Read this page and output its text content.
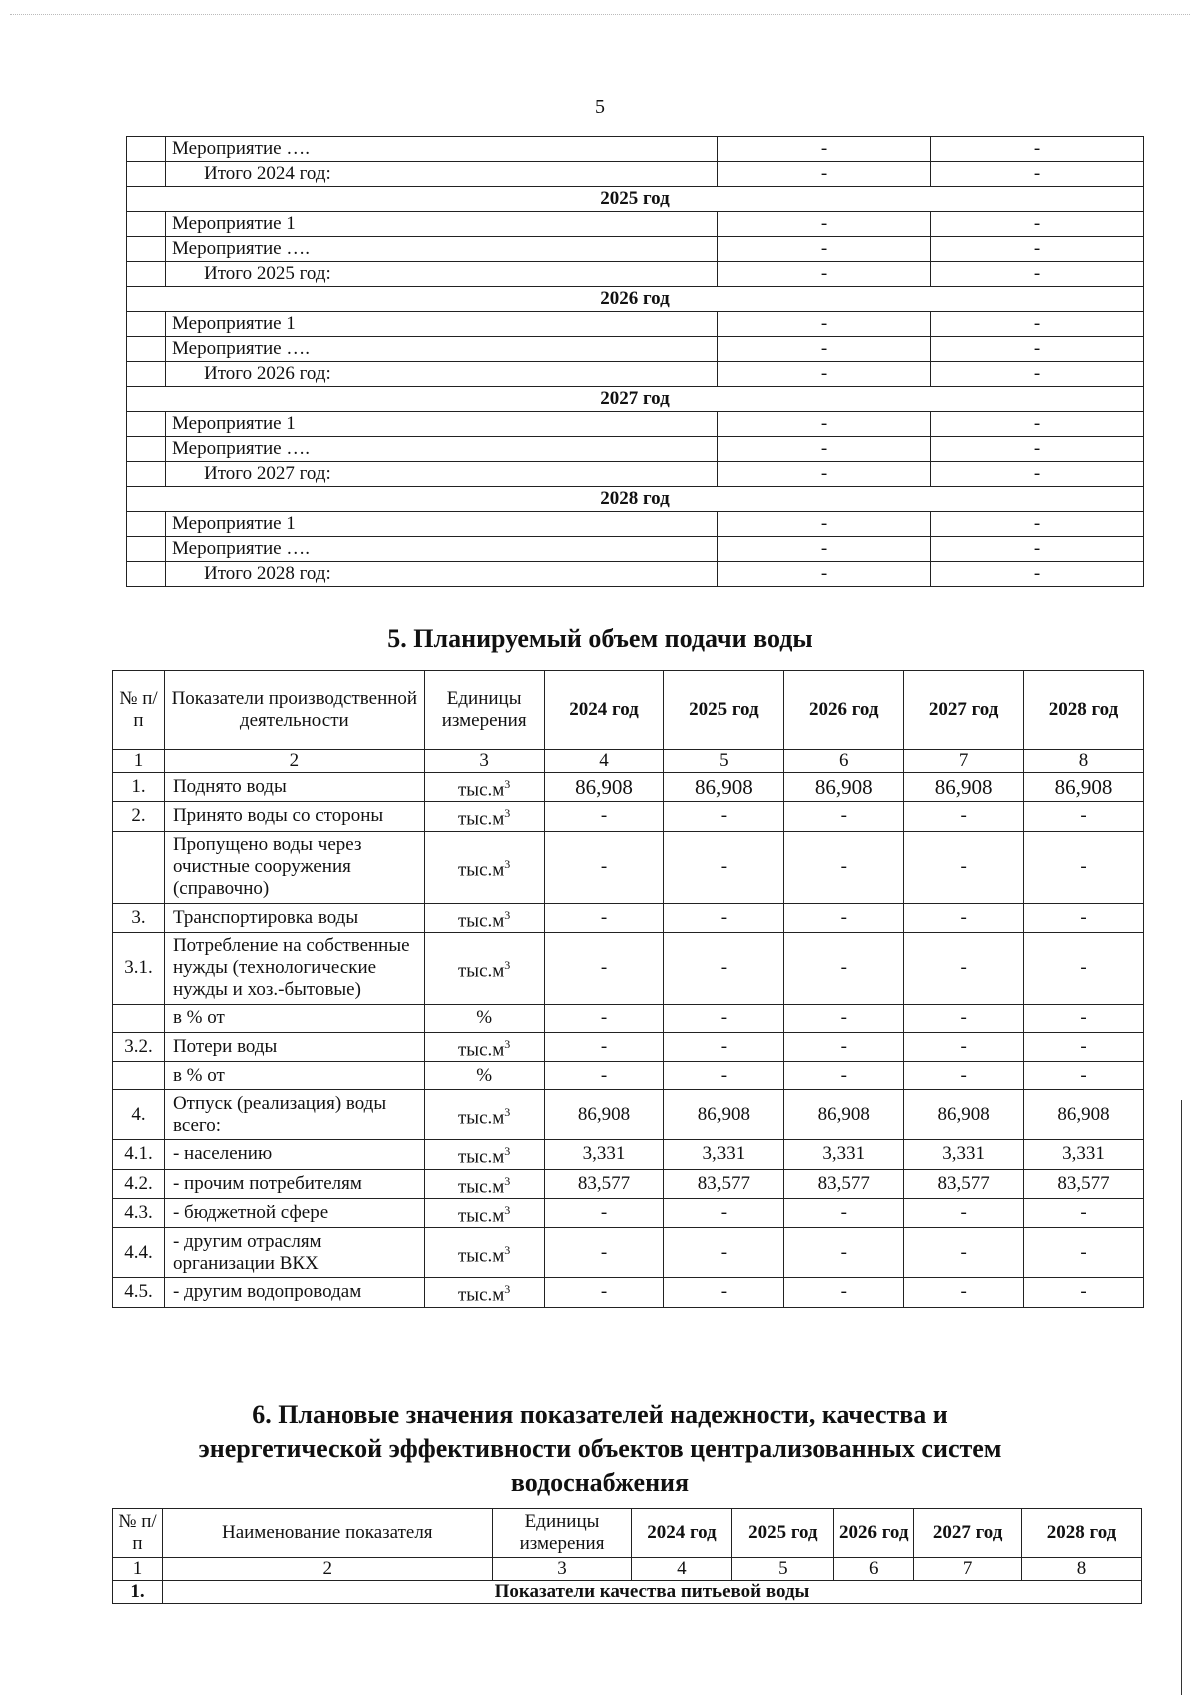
5
	Мероприятие ….	-	-
	Итого 2024 год:	-	-
2025 год			
	Мероприятие 1	-	-
	Мероприятие ….	-	-
	Итого 2025 год:	-	-
2026 год			
	Мероприятие 1	-	-
	Мероприятие ….	-	-
	Итого 2026 год:	-	-
2027 год			
	Мероприятие 1	-	-
	Мероприятие ….	-	-
	Итого 2027 год:	-	-
2028 год			
	Мероприятие 1	-	-
	Мероприятие ….	-	-
	Итого 2028 год:	-	-
5. Планируемый объем подачи воды
№ п/п	Показатели производственной деятельности	Единицы измерения	2024 год	2025 год	2026 год	2027 год	2028 год
1	2	3	4	5	6	7	8
1.	Поднято воды	$тыс.м^3$	86,908	86,908	86,908	86,908	86,908
2.	Принято воды со стороны	$тыс.м^3$	-	-	-	-	-
	Пропущено воды через очистные сооружения (справочно)	$тыс.м^3$	-	-	-	-	-
3.	Транспортировка воды	$тыс.м^3$	-	-	-	-	-
3.1.	Потребление на собственные нужды (технологические нужды и хоз.-бытовые)	$тыс.м^3$	-	-	-	-	-
	в % от	%	-	-	-	-	-
3.2.	Потери воды	$тыс.м^3$	-	-	-	-	-
	в % от	%	-	-	-	-	-
4.	Отпуск (реализация) воды всего:	$тыс.м^3$	86,908	86,908	86,908	86,908	86,908
4.1.	- населению	$тыс.м^3$	3,331	3,331	3,331	3,331	3,331
4.2.	- прочим потребителям	$тыс.м^3$	83,577	83,577	83,577	83,577	83,577
4.3.	- бюджетной сфере	$тыс.м^3$	-	-	-	-	-
4.4.	- другим отраслям организации ВКХ	$тыс.м^3$	-	-	-	-	-
4.5.	- другим водопроводам	$тыс.м^3$	-	-	-	-	-
6. Плановые значения показателей надежности, качества и
энергетической эффективности объектов централизованных систем
водоснабжения
№ п/п	Наименование показателя	Единицы измерения	2024 год	2025 год	2026 год	2027 год	2028 год
1	2	3	4	5	6	7	8
1.	Показатели качества питьевой воды						
